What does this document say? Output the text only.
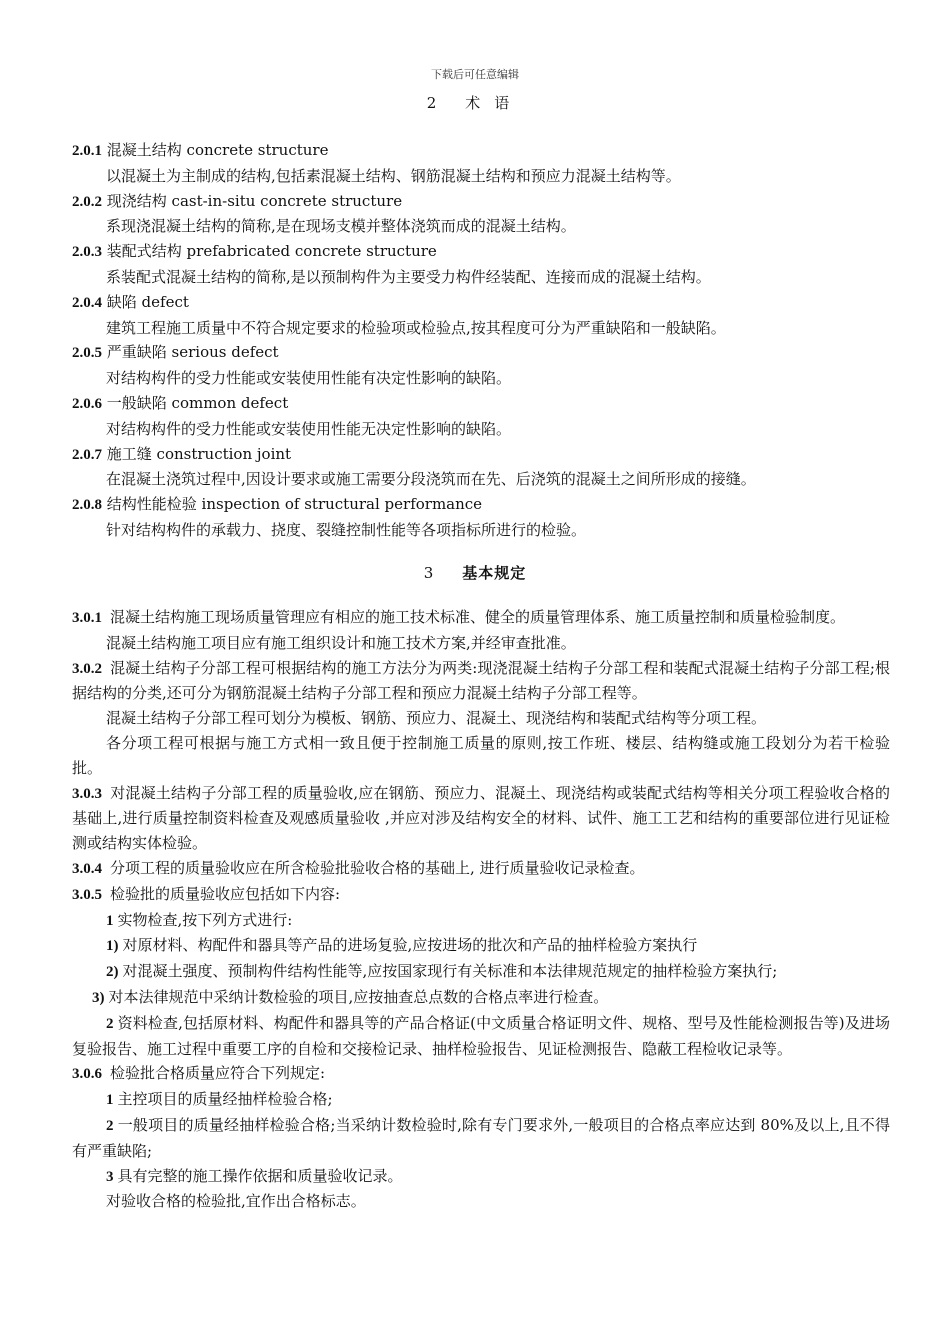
下载后可任意编辑
2 术语
2.0.1 混凝土结构 concrete structure
以混凝土为主制成的结构,包括素混凝土结构、钢筋混凝土结构和预应力混凝土结构等。
2.0.2 现浇结构 cast-in-situ concrete structure
系现浇混凝土结构的简称,是在现场支模并整体浇筑而成的混凝土结构。
2.0.3 装配式结构 prefabricated concrete structure
系装配式混凝土结构的简称,是以预制构件为主要受力构件经装配、连接而成的混凝土结构。
2.0.4 缺陷 defect
建筑工程施工质量中不符合规定要求的检验项或检验点,按其程度可分为严重缺陷和一般缺陷。
2.0.5 严重缺陷 serious defect
对结构构件的受力性能或安装使用性能有决定性影响的缺陷。
2.0.6 一般缺陷 common defect
对结构构件的受力性能或安装使用性能无决定性影响的缺陷。
2.0.7 施工缝 construction joint
在混凝土浇筑过程中,因设计要求或施工需要分段浇筑而在先、后浇筑的混凝土之间所形成的接缝。
2.0.8 结构性能检验 inspection of structural performance
针对结构构件的承载力、挠度、裂缝控制性能等各项指标所进行的检验。
3 基本规定
3.0.1 混凝土结构施工现场质量管理应有相应的施工技术标准、健全的质量管理体系、施工质量控制和质量检验制度。
混凝土结构施工项目应有施工组织设计和施工技术方案,并经审查批准。
3.0.2 混凝土结构子分部工程可根据结构的施工方法分为两类:现浇混凝土结构子分部工程和装配式混凝土结构子分部工程;根据结构的分类,还可分为钢筋混凝土结构子分部工程和预应力混凝土结构子分部工程等。
混凝土结构子分部工程可划分为模板、钢筋、预应力、混凝土、现浇结构和装配式结构等分项工程。
各分项工程可根据与施工方式相一致且便于控制施工质量的原则,按工作班、楼层、结构缝或施工段划分为若干检验批。
3.0.3 对混凝土结构子分部工程的质量验收,应在钢筋、预应力、混凝土、现浇结构或装配式结构等相关分项工程验收合格的基础上,进行质量控制资料检查及观感质量验收 ,并应对涉及结构安全的材料、试件、施工工艺和结构的重要部位进行见证检测或结构实体检验。
3.0.4 分项工程的质量验收应在所含检验批验收合格的基础上, 进行质量验收记录检查。
3.0.5 检验批的质量验收应包括如下内容:
1 实物检查,按下列方式进行:
1) 对原材料、构配件和器具等产品的进场复验,应按进场的批次和产品的抽样检验方案执行
2) 对混凝土强度、预制构件结构性能等,应按国家现行有关标准和本法律规范规定的抽样检验方案执行;
3) 对本法律规范中采纳计数检验的项目,应按抽查总点数的合格点率进行检查。
2 资料检查,包括原材料、构配件和器具等的产品合格证(中文质量合格证明文件、规格、型号及性能检测报告等)及进场复验报告、施工过程中重要工序的自检和交接检记录、抽样检验报告、见证检测报告、隐蔽工程检收记录等。
3.0.6 检验批合格质量应符合下列规定:
1 主控项目的质量经抽样检验合格;
2 一般项目的质量经抽样检验合格;当采纳计数检验时,除有专门要求外,一般项目的合格点率应达到 80%及以上,且不得有严重缺陷;
3 具有完整的施工操作依据和质量验收记录。
对验收合格的检验批,宜作出合格标志。
